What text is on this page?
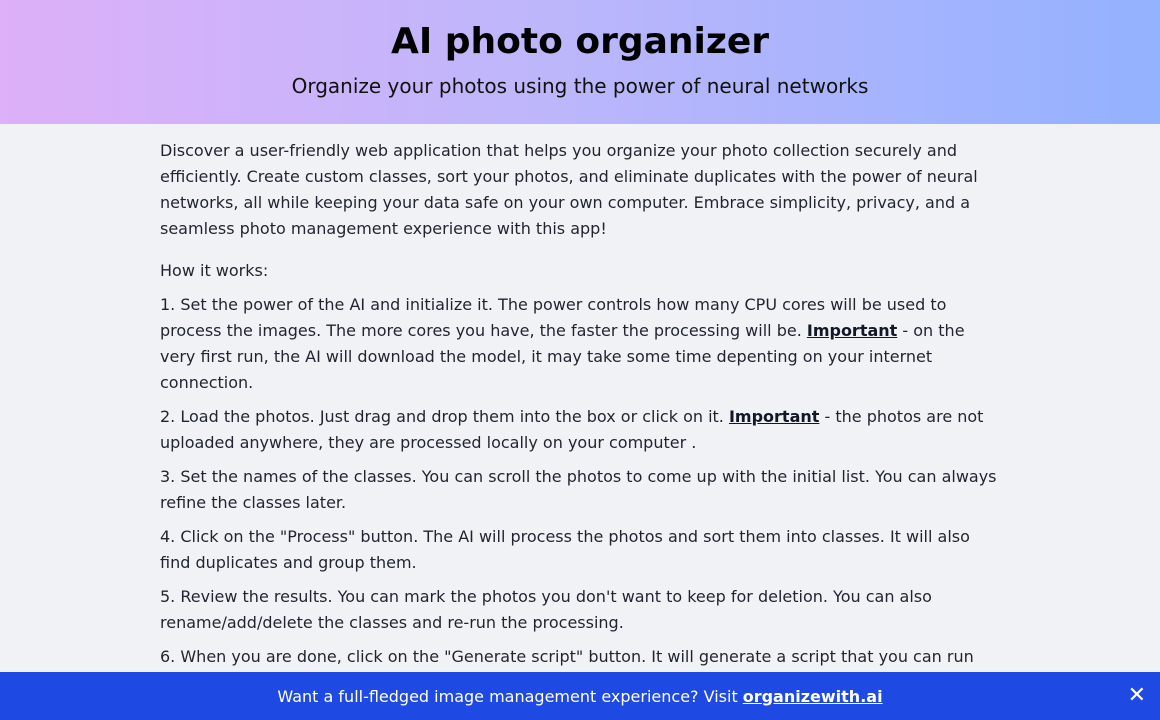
AI photo organizer

Organize your photos using the power of neural networks

Discover a user-friendly web application that helps you organize your photo collection securely and efficiently. Create custom classes, sort your photos, and eliminate duplicates with the power of neural networks, all while keeping your data safe on your own computer. Embrace simplicity, privacy, and a seamless photo management experience with this app!

How it works:

1. Set the power of the AI and initialize it. The power controls how many CPU cores will be used to process the images. The more cores you have, the faster the processing will be. Important - on the very first run, the AI will download the model, it may take some time depenting on your internet connection.

2. Load the photos. Just drag and drop them into the box or click on it. Important - the photos are not uploaded anywhere, they are processed locally on your computer .

3. Set the names of the classes. You can scroll the photos to come up with the initial list. You can always refine the classes later.

4. Click on the "Process" button. The AI will process the photos and sort them into classes. It will also find duplicates and group them.

5. Review the results. You can mark the photos you don't want to keep for deletion. You can also rename/add/delete the classes and re-run the processing.

6. When you are done, click on the "Generate script" button. It will generate a script that you can run

Want a full-fledged image management experience? Visit organizewith.ai	✕
